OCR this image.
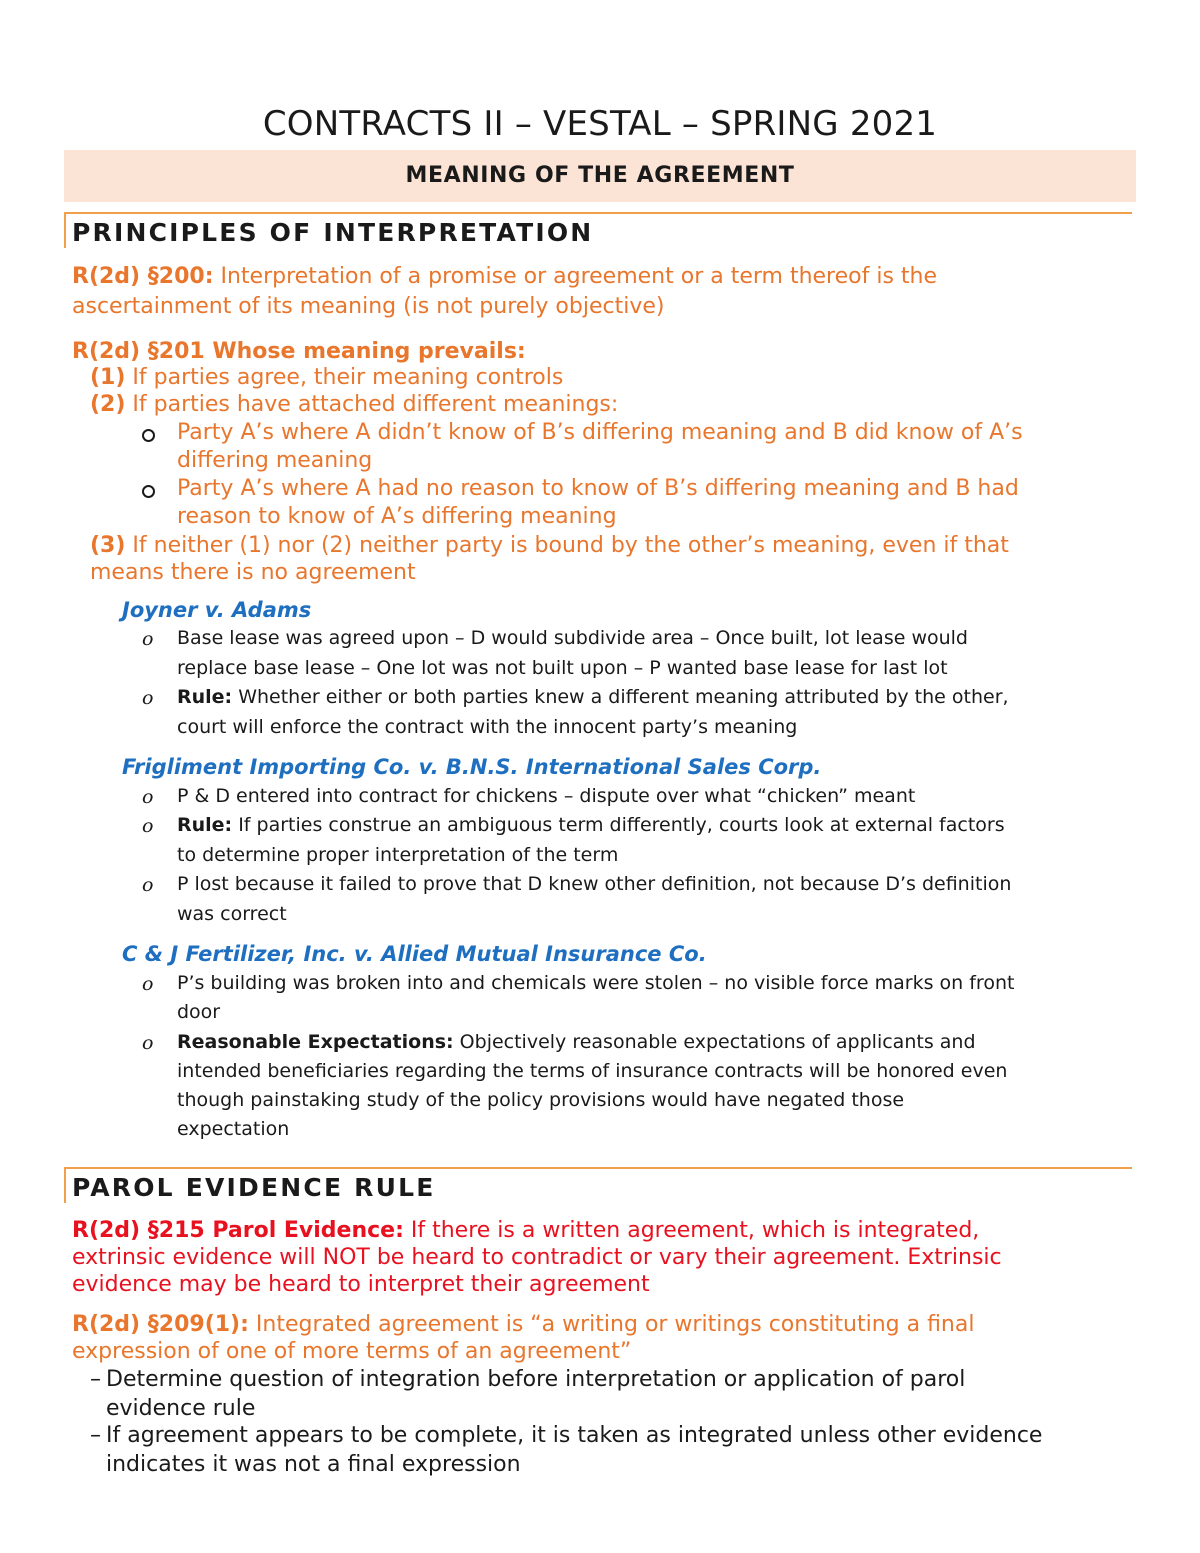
CONTRACTS II – VESTAL – SPRING 2021
MEANING OF THE AGREEMENT
PRINCIPLES OF INTERPRETATION
R(2d) §200: Interpretation of a promise or agreement or a term thereof is the
ascertainment of its meaning (is not purely objective)
R(2d) §201 Whose meaning prevails:
(1) If parties agree, their meaning controls
(2) If parties have attached different meanings:
Party A’s where A didn’t know of B’s differing meaning and B did know of A’s
differing meaning
Party A’s where A had no reason to know of B’s differing meaning and B had
reason to know of A’s differing meaning
(3) If neither (1) nor (2) neither party is bound by the other’s meaning, even if that
means there is no agreement
Joyner v. Adams
o Base lease was agreed upon – D would subdivide area – Once built, lot lease would
replace base lease – One lot was not built upon – P wanted base lease for last lot
o Rule: Whether either or both parties knew a different meaning attributed by the other,
court will enforce the contract with the innocent party’s meaning
Frigliment Importing Co. v. B.N.S. International Sales Corp.
o P & D entered into contract for chickens – dispute over what “chicken” meant
o Rule: If parties construe an ambiguous term differently, courts look at external factors
to determine proper interpretation of the term
o P lost because it failed to prove that D knew other definition, not because D’s definition
was correct
C & J Fertilizer, Inc. v. Allied Mutual Insurance Co.
o P’s building was broken into and chemicals were stolen – no visible force marks on front
door
o Reasonable Expectations: Objectively reasonable expectations of applicants and
intended beneficiaries regarding the terms of insurance contracts will be honored even
though painstaking study of the policy provisions would have negated those
expectation
PAROL EVIDENCE RULE
R(2d) §215 Parol Evidence: If there is a written agreement, which is integrated,
extrinsic evidence will NOT be heard to contradict or vary their agreement. Extrinsic
evidence may be heard to interpret their agreement
R(2d) §209(1): Integrated agreement is “a writing or writings constituting a final
expression of one of more terms of an agreement”
– Determine question of integration before interpretation or application of parol
evidence rule
– If agreement appears to be complete, it is taken as integrated unless other evidence
indicates it was not a final expression
